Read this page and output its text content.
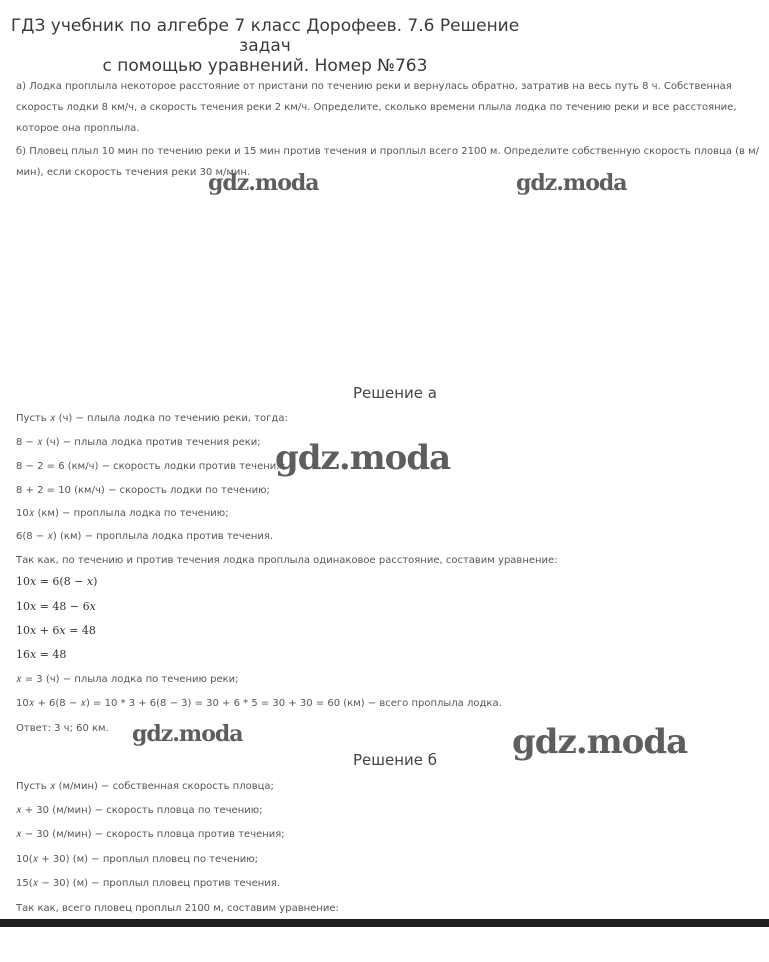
ГДЗ учебник по алгебре 7 класс Дорофеев. 7.6 Решение задач
с помощью уравнений. Номер №763
а) Лодка проплыла некоторое расстояние от пристани по течению реки и вернулась обратно, затратив на весь путь 8 ч. Собственная скорость лодки 8 км/ч, а скорость течения реки 2 км/ч. Определите, сколько времени плыла лодка по течению реки и все расстояние, которое она проплыла.
б) Пловец плыл 10 мин по течению реки и 15 мин против течения и проплыл всего 2100 м. Определите собственную скорость пловца (в м/мин), если скорость течения реки 30 м/мин.
gdz.moda	gdz.moda
Решение а
Пусть 𝑥 (ч) − плыла лодка по течению реки, тогда:
8 − 𝑥 (ч) − плыла лодка против течения реки;
8 − 2 = 6 (км/ч) − скорость лодки против течения;
8 + 2 = 10 (км/ч) − скорость лодки по течению;
10𝑥 (км) − проплыла лодка по течению;
6(8 − 𝑥) (км) − проплыла лодка против течения.
Так как, по течению и против течения лодка проплыла одинаковое расстояние, составим уравнение:
10𝑥 = 6(8 − 𝑥)
10𝑥 = 48 − 6𝑥
10𝑥 + 6𝑥 = 48
16𝑥 = 48
𝑥 = 3 (ч) − плыла лодка по течению реки;
10𝑥 + 6(8 − 𝑥) = 10 * 3 + 6(8 − 3) = 30 + 6 * 5 = 30 + 30 = 60 (км) − всего проплыла лодка.
Ответ: 3 ч; 60 км.
gdz.moda
gdz.moda	gdz.moda
Решение б
Пусть 𝑥 (м/мин) − собственная скорость пловца;
𝑥 + 30 (м/мин) − скорость пловца по течению;
𝑥 − 30 (м/мин) − скорость пловца против течения;
10(𝑥 + 30) (м) − проплыл пловец по течению;
15(𝑥 − 30) (м) − проплыл пловец против течения.
Так как, всего пловец проплыл 2100 м, составим уравнение:
